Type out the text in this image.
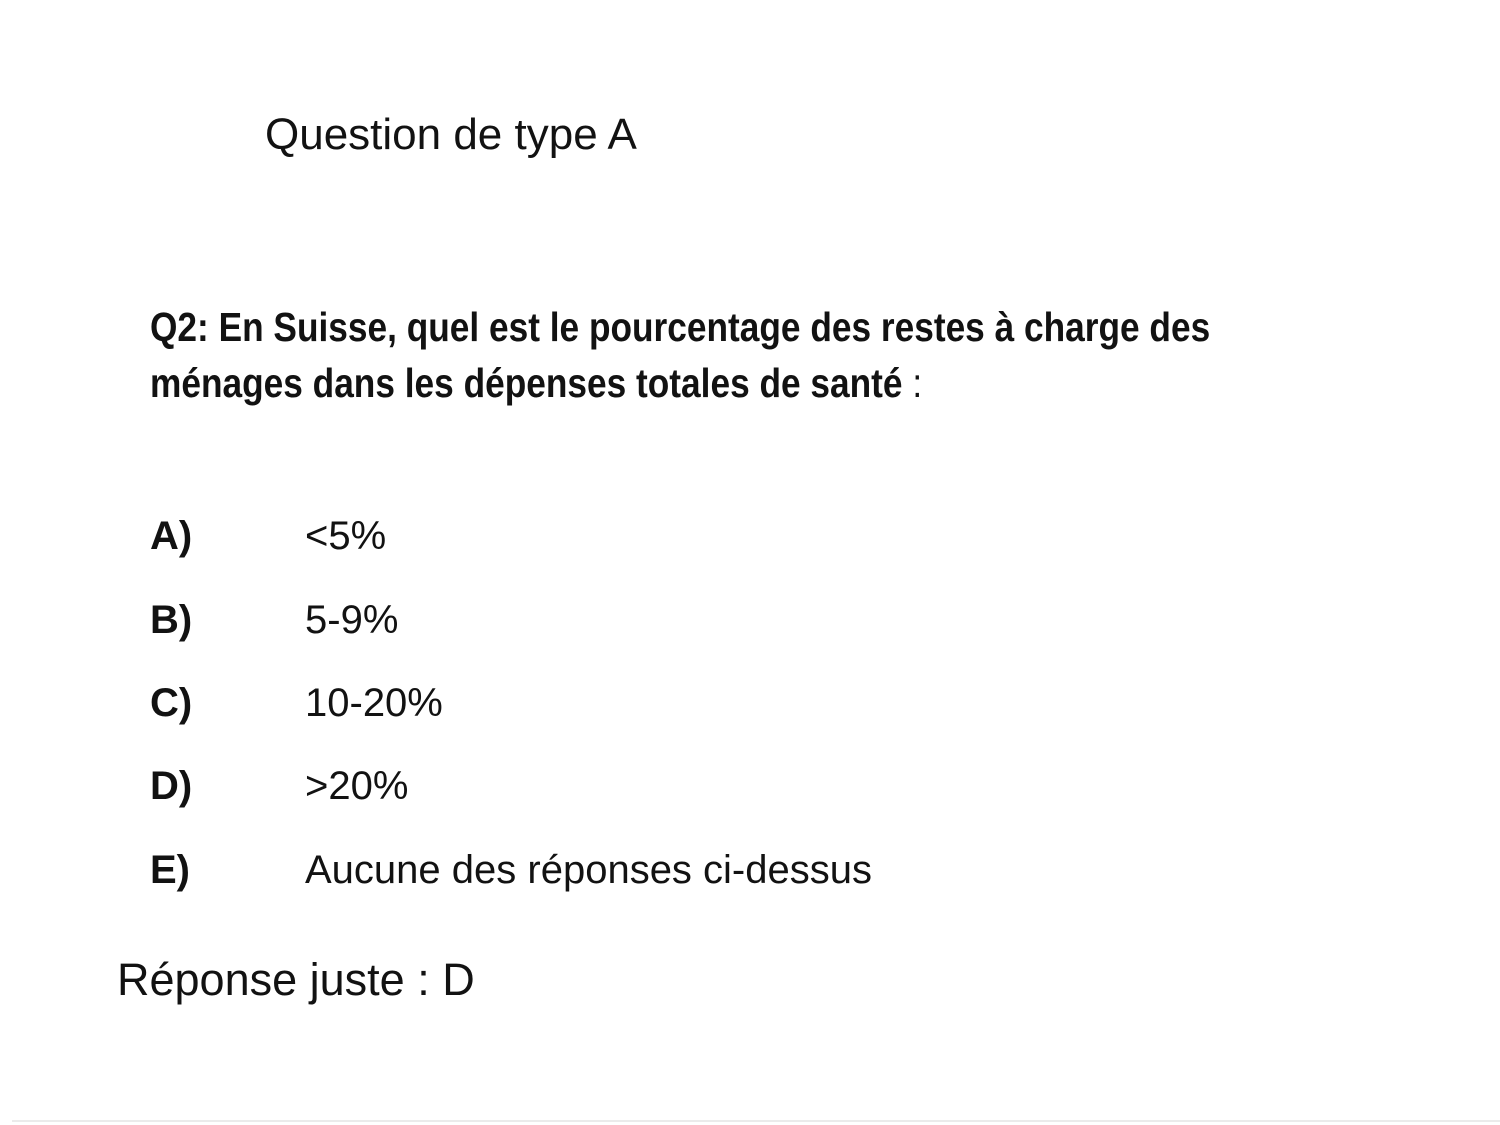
Question de type A
Q2: En Suisse, quel est le pourcentage des restes à charge des
ménages dans les dépenses totales de santé :
A)	<5%
B)	5-9%
C)	10-20%
D)	>20%
E)	Aucune des réponses ci-dessus
Réponse juste : D
